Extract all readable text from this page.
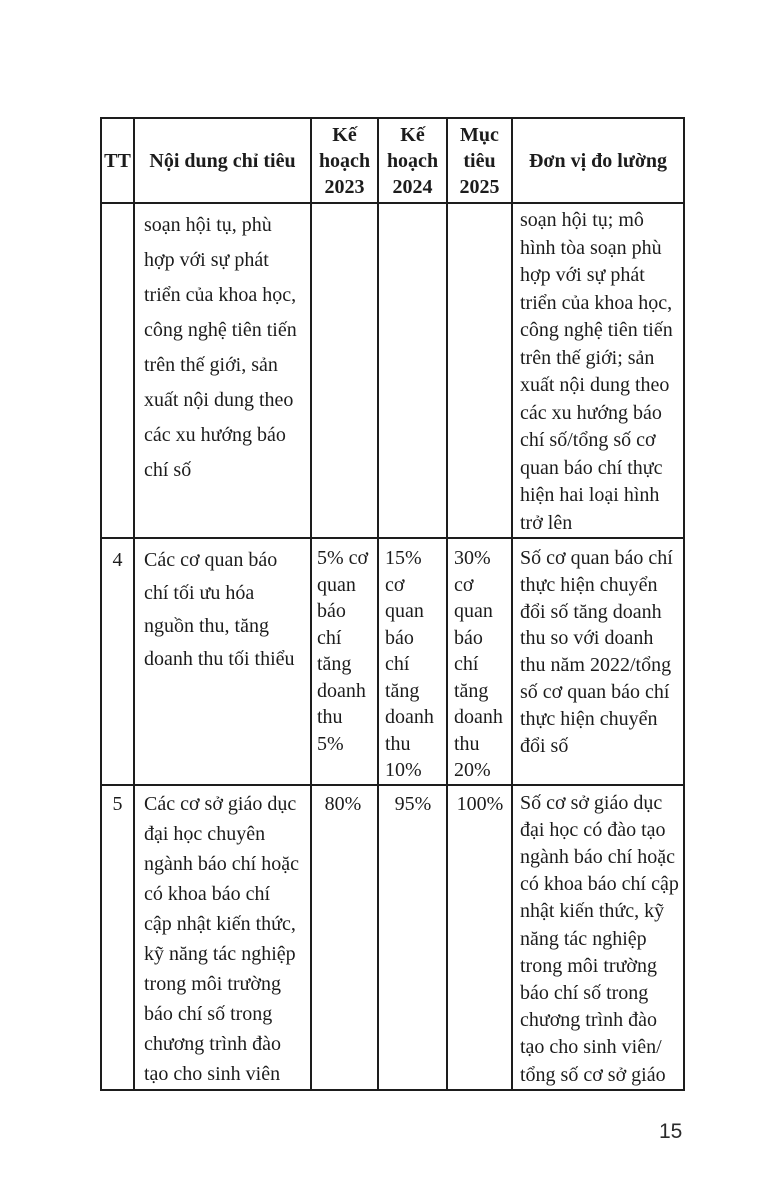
TT	Nội dung chỉ tiêu	Kế hoạch 2023	Kế hoạch 2024	Mục tiêu 2025	Đơn vị đo lường
	soạn hội tụ, phù hợp với sự phát triển của khoa học, công nghệ tiên tiến trên thế giới, sản xuất nội dung theo các xu hướng báo chí số				soạn hội tụ; mô hình tòa soạn phù hợp với sự phát triển của khoa học, công nghệ tiên tiến trên thế giới; sản xuất nội dung theo các xu hướng báo chí số/tổng số cơ quan báo chí thực hiện hai loại hình trở lên
4	Các cơ quan báo chí tối ưu hóa nguồn thu, tăng doanh thu tối thiểu	5% cơ quan báo chí tăng doanh thu 5%	15% cơ quan báo chí tăng doanh thu 10%	30% cơ quan báo chí tăng doanh thu 20%	Số cơ quan báo chí thực hiện chuyển đổi số tăng doanh thu so với doanh thu năm 2022/tổng số cơ quan báo chí thực hiện chuyển đổi số
5	Các cơ sở giáo dục đại học chuyên ngành báo chí hoặc có khoa báo chí cập nhật kiến thức, kỹ năng tác nghiệp trong môi trường báo chí số trong chương trình đào tạo cho sinh viên	80%	95%	100%	Số cơ sở giáo dục đại học có đào tạo ngành báo chí hoặc có khoa báo chí cập nhật kiến thức, kỹ năng tác nghiệp trong môi trường báo chí số trong chương trình đào tạo cho sinh viên/ tổng số cơ sở giáo
15
